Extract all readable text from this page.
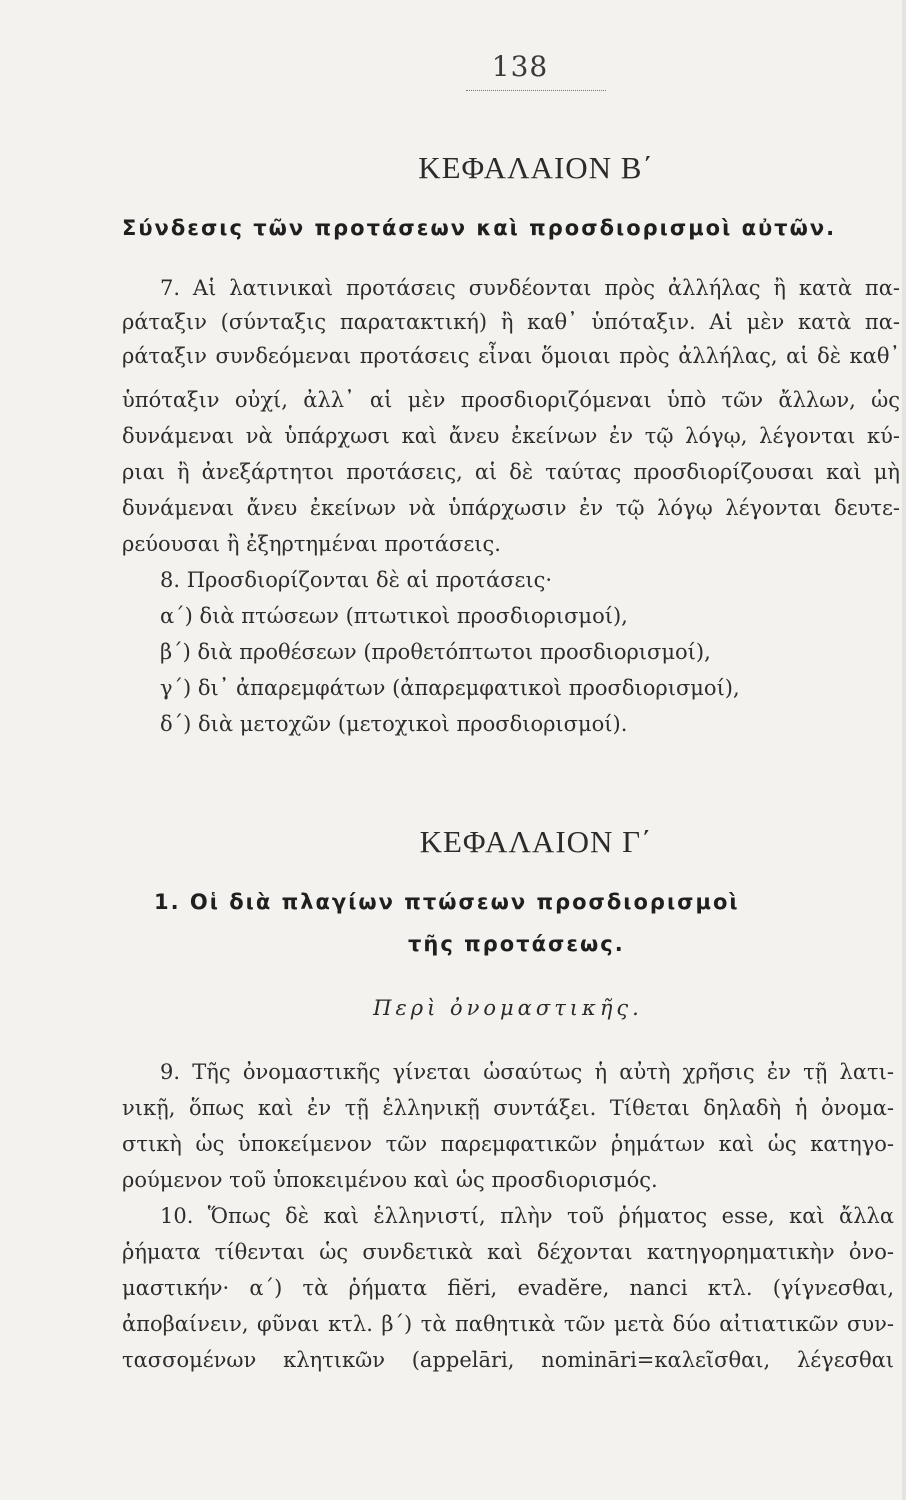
138
ΚΕΦΑΛΑΙΟΝ Β΄
Σύνδεσις τῶν προτάσεων καὶ προσδιορισμοὶ αὐτῶν.
7. Αἱ λατινικαὶ προτάσεις συνδέονται πρὸς ἀλλήλας ἢ κατὰ πα-
ράταξιν (σύνταξις παρατακτική) ἢ καθ᾽ ὑπόταξιν. Αἱ μὲν κατὰ πα-
ράταξιν συνδεόμεναι προτάσεις εἶναι ὅμοιαι πρὸς ἀλλήλας, αἱ δὲ καθ᾽
ὑπόταξιν οὐχί, ἀλλ᾽ αἱ μὲν προσδιοριζόμεναι ὑπὸ τῶν ἄλλων, ὡς
δυνάμεναι νὰ ὑπάρχωσι καὶ ἄνευ ἐκείνων ἐν τῷ λόγῳ, λέγονται κύ-
ριαι ἢ ἀνεξάρτητοι προτάσεις, αἱ δὲ ταύτας προσδιορίζουσαι καὶ μὴ
δυνάμεναι ἄνευ ἐκείνων νὰ ὑπάρχωσιν ἐν τῷ λόγῳ λέγονται δευτε-
ρεύουσαι ἢ ἐξηρτημέναι προτάσεις.
8. Προσδιορίζονται δὲ αἱ προτάσεις·
α΄) διὰ πτώσεων (πτωτικοὶ προσδιορισμοί),
β΄) διὰ προθέσεων (προθετόπτωτοι προσδιορισμοί),
γ΄) δι᾽ ἀπαρεμφάτων (ἀπαρεμφατικοὶ προσδιορισμοί),
δ΄) διὰ μετοχῶν (μετοχικοὶ προσδιορισμοί).
ΚΕΦΑΛΑΙΟΝ Γ΄
1. Οἱ διὰ πλαγίων πτώσεων προσδιορισμοὶ
τῆς προτάσεως.
Περὶ ὀνομαστικῆς.
9. Τῆς ὀνομαστικῆς γίνεται ὡσαύτως ἡ αὐτὴ χρῆσις ἐν τῇ λατι-
νικῇ, ὅπως καὶ ἐν τῇ ἑλληνικῇ συντάξει. Τίθεται δηλαδὴ ἡ ὀνομα-
στικὴ ὡς ὑποκείμενον τῶν παρεμφατικῶν ῥημάτων καὶ ὡς κατηγο-
ρούμενον τοῦ ὑποκειμένου καὶ ὡς προσδιορισμός.
10. Ὅπως δὲ καὶ ἑλληνιστί, πλὴν τοῦ ῥήματος esse, καὶ ἄλλα
ῥήματα τίθενται ὡς συνδετικὰ καὶ δέχονται κατηγορηματικὴν ὀνο-
μαστικήν· α΄) τὰ ῥήματα fiĕri, evadĕre, nanci κτλ. (γίγνεσθαι,
ἀποβαίνειν, φῦναι κτλ. β΄) τὰ παθητικὰ τῶν μετὰ δύο αἰτιατικῶν συν-
τασσομένων κλητικῶν (appelāri, nomināri=καλεῖσθαι, λέγεσθαι
